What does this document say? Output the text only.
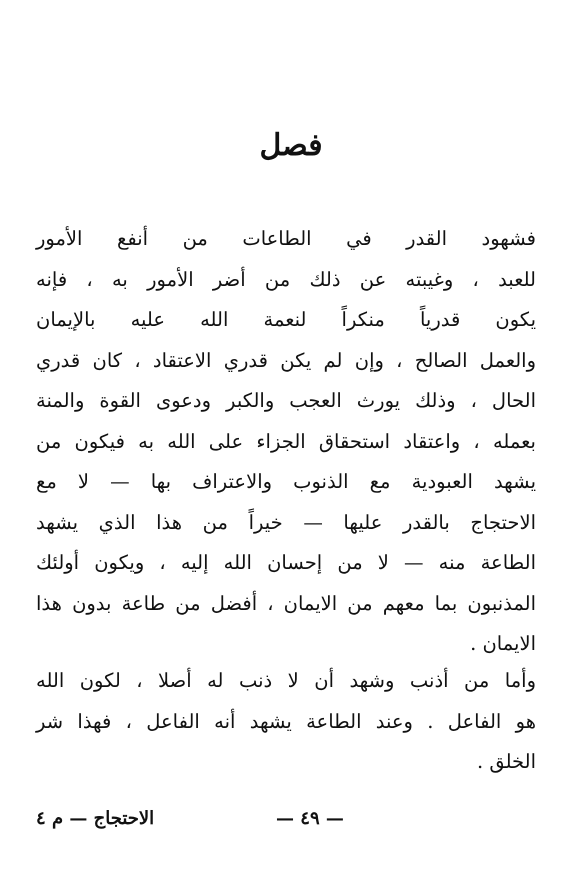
فصل
فشهود القدر في الطاعات من أنفع الأمور
للعبد ، وغيبته عن ذلك من أضر الأمور به ، فإنه
يكون قدرياً منكراً لنعمة الله عليه بالإيمان
والعمل الصالح ، وإن لم يكن قدري الاعتقاد ، كان قدري
الحال ، وذلك يورث العجب والكبر ودعوى القوة والمنة
بعمله ، واعتقاد استحقاق الجزاء على الله به فيكون من
يشهد العبودية مع الذنوب والاعتراف بها — لا مع
الاحتجاج بالقدر عليها — خيراً من هذا الذي يشهد
الطاعة منه — لا من إحسان الله إليه ، ويكون أولئك
المذنبون بما معهم من الايمان ، أفضل من طاعة بدون هذا
الايمان .
وأما من أذنب وشهد أن لا ذنب له أصلا ، لكون الله
هو الفاعل . وعند الطاعة يشهد أنه الفاعل ، فهذا شر
الخلق .
— ٤٩ —
الاحتجاج — م ٤
